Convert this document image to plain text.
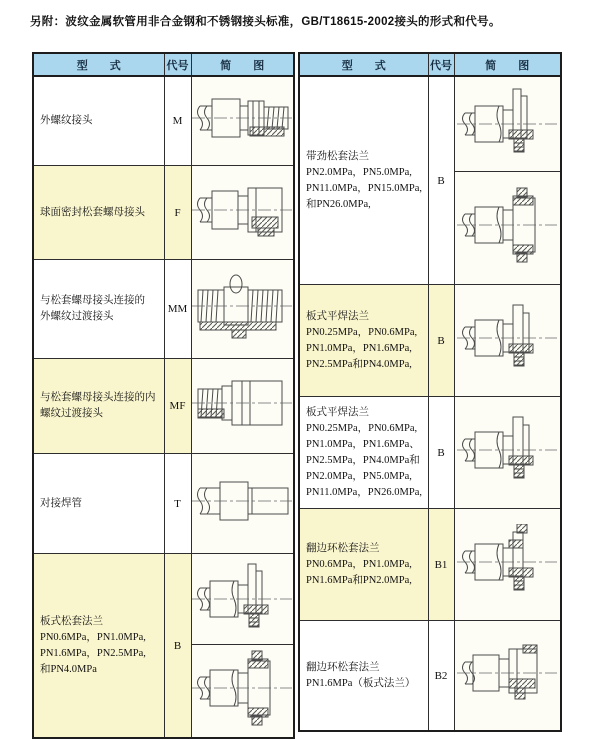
另附：波纹金属软管用非合金钢和不锈钢接头标准，GB/T18615-2002接头的形式和代号。
型　　式	代号	简　　图

外螺纹接头	M	

球面密封松套螺母接头	F	

与松套螺母接头连接的
外螺纹过渡接头	MM	

与松套螺母接头连接的内
螺纹过渡接头	MF	

对接焊管	T	

板式松套法兰
PN0.6MPa，PN1.0MPa,
PN1.6MPa，PN2.5MPa,
和PN4.0MPa	B	
型　　式	代号	简　　图

带劲松套法兰
PN2.0MPa，PN5.0MPa,
PN11.0MPa，PN15.0MPa,
和PN26.0MPa,	B	

板式平焊法兰
PN0.25MPa，PN0.6MPa,
PN1.0MPa，PN1.6MPa,
PN2.5MPa和PN4.0MPa,	B	

板式平焊法兰
PN0.25MPa，PN0.6MPa,
PN1.0MPa，PN1.6MPa、
PN2.5MPa，PN4.0MPa和
PN2.0MPa，PN5.0MPa,
PN11.0MPa，PN26.0MPa,
	B	

翻边环松套法兰
PN0.6MPa，PN1.0MPa,
PN1.6MPa和PN2.0MPa,	B1	

翻边环松套法兰
PN1.6MPa（板式法兰）	B2	
